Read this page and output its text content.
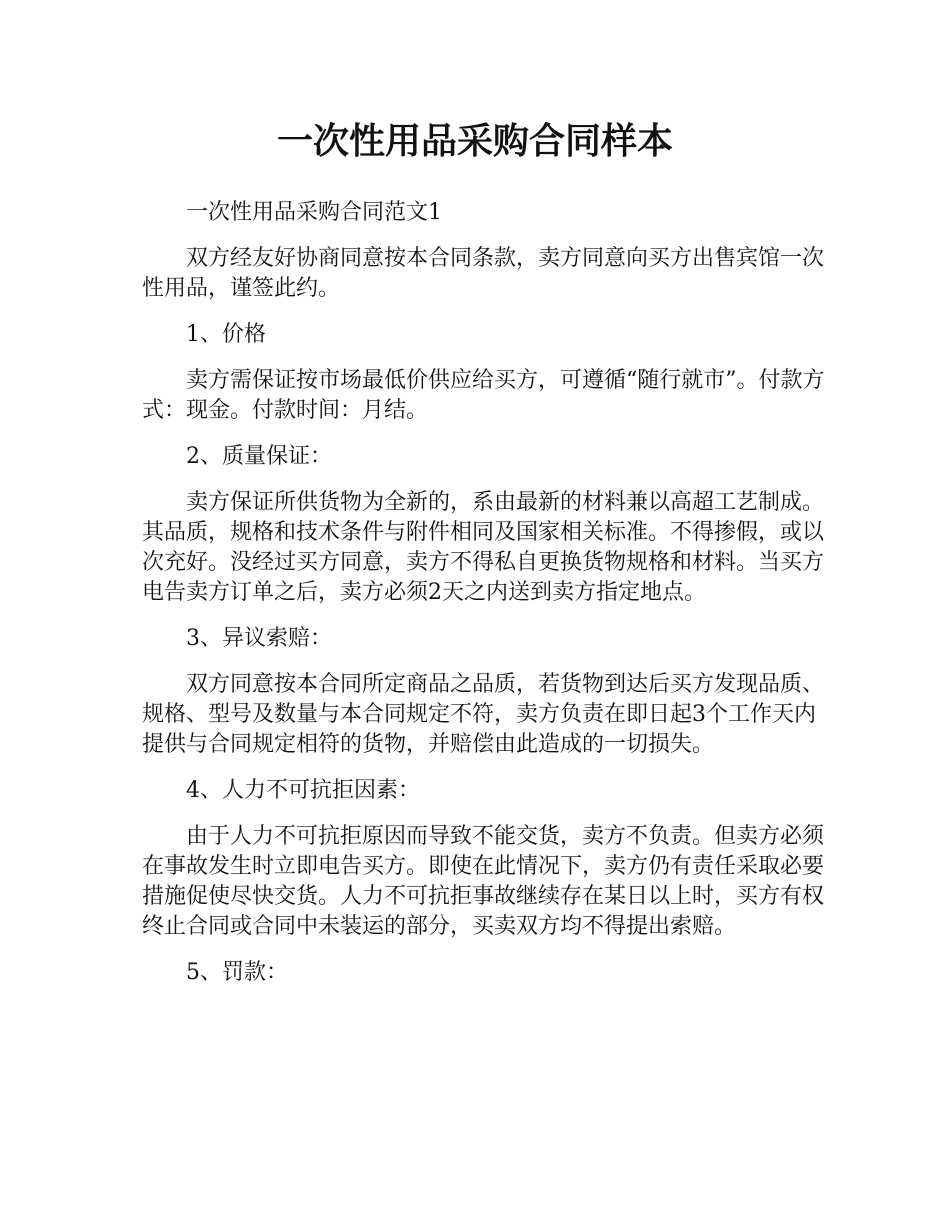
一次性用品采购合同样本

一次性用品采购合同范文1

双方经友好协商同意按本合同条款，卖方同意向买方出售宾馆一次性用品，谨签此约。

1、价格

卖方需保证按市场最低价供应给买方，可遵循“随行就市”。付款方式：现金。付款时间：月结。

2、质量保证：

卖方保证所供货物为全新的，系由最新的材料兼以高超工艺制成。其品质，规格和技术条件与附件相同及国家相关标准。不得掺假，或以次充好。没经过买方同意，卖方不得私自更换货物规格和材料。当买方电告卖方订单之后，卖方必须2天之内送到卖方指定地点。

3、异议索赔：

双方同意按本合同所定商品之品质，若货物到达后买方发现品质、规格、型号及数量与本合同规定不符，卖方负责在即日起3个工作天内提供与合同规定相符的货物，并赔偿由此造成的一切损失。

4、人力不可抗拒因素：

由于人力不可抗拒原因而导致不能交货，卖方不负责。但卖方必须在事故发生时立即电告买方。即使在此情况下，卖方仍有责任采取必要措施促使尽快交货。人力不可抗拒事故继续存在某日以上时，买方有权终止合同或合同中未装运的部分，买卖双方均不得提出索赔。

5、罚款：
